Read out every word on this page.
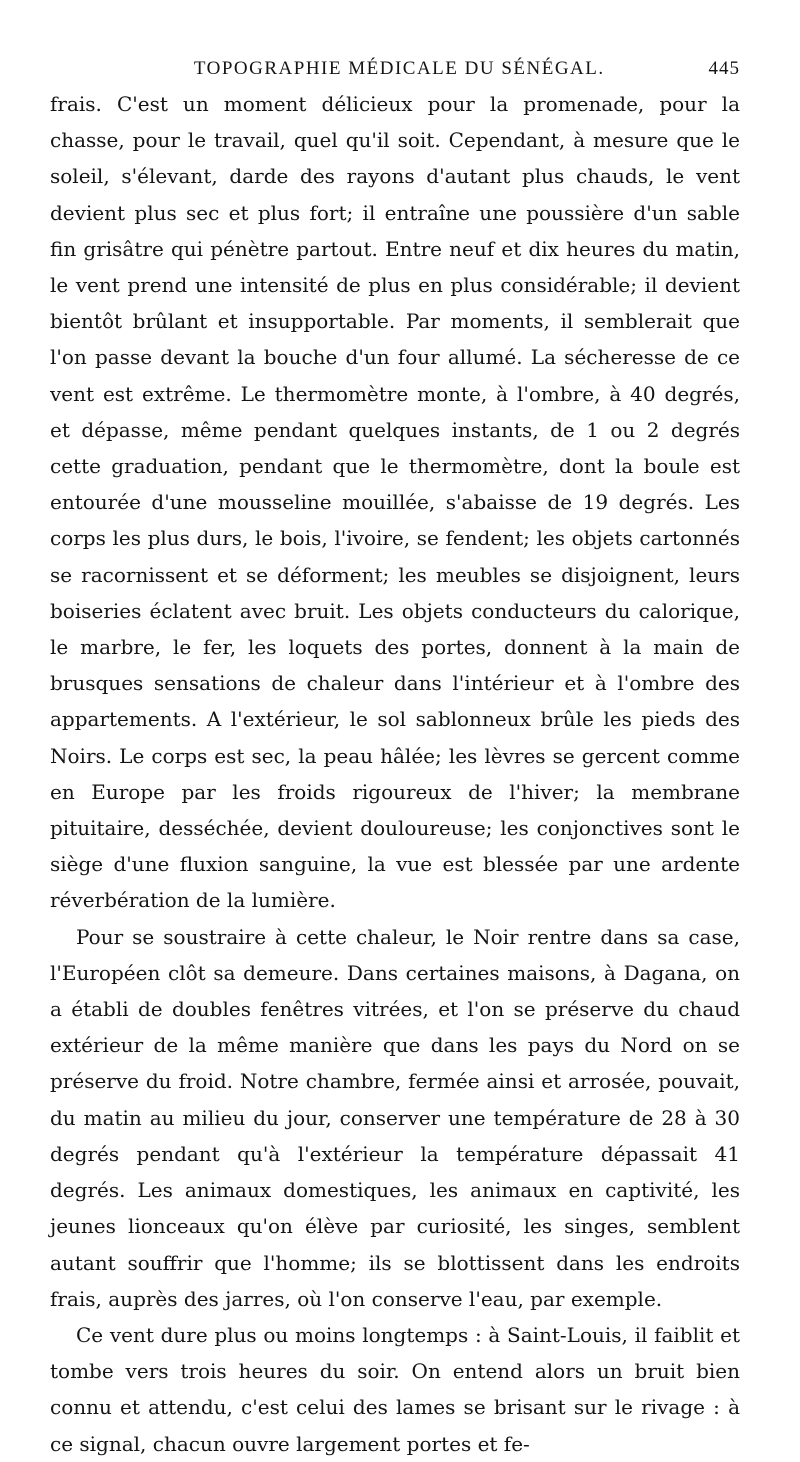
TOPOGRAPHIE MÉDICALE DU SÉNÉGAL.	445

frais. C'est un moment délicieux pour la promenade, pour la chasse, pour le travail, quel qu'il soit. Cependant, à mesure que le soleil, s'élevant, darde des rayons d'autant plus chauds, le vent devient plus sec et plus fort; il entraîne une poussière d'un sable fin grisâtre qui pénètre partout. Entre neuf et dix heures du matin, le vent prend une intensité de plus en plus considérable; il devient bientôt brûlant et insupportable. Par moments, il semblerait que l'on passe devant la bouche d'un four allumé. La sécheresse de ce vent est extrême. Le thermomètre monte, à l'ombre, à 40 degrés, et dépasse, même pendant quelques instants, de 1 ou 2 degrés cette graduation, pendant que le thermomètre, dont la boule est entourée d'une mousseline mouillée, s'abaisse de 19 degrés. Les corps les plus durs, le bois, l'ivoire, se fendent; les objets cartonnés se racornissent et se déforment; les meubles se disjoignent, leurs boiseries éclatent avec bruit. Les objets conducteurs du calorique, le marbre, le fer, les loquets des portes, donnent à la main de brusques sensations de chaleur dans l'intérieur et à l'ombre des appartements. A l'extérieur, le sol sablonneux brûle les pieds des Noirs. Le corps est sec, la peau hâlée; les lèvres se gercent comme en Europe par les froids rigoureux de l'hiver; la membrane pituitaire, desséchée, devient douloureuse; les conjonctives sont le siège d'une fluxion sanguine, la vue est blessée par une ardente réverbération de la lumière.

Pour se soustraire à cette chaleur, le Noir rentre dans sa case, l'Européen clôt sa demeure. Dans certaines maisons, à Dagana, on a établi de doubles fenêtres vitrées, et l'on se préserve du chaud extérieur de la même manière que dans les pays du Nord on se préserve du froid. Notre chambre, fermée ainsi et arrosée, pouvait, du matin au milieu du jour, conserver une température de 28 à 30 degrés pendant qu'à l'extérieur la température dépassait 41 degrés. Les animaux domestiques, les animaux en captivité, les jeunes lionceaux qu'on élève par curiosité, les singes, semblent autant souffrir que l'homme; ils se blottissent dans les endroits frais, auprès des jarres, où l'on conserve l'eau, par exemple.

Ce vent dure plus ou moins longtemps : à Saint-Louis, il faiblit et tombe vers trois heures du soir. On entend alors un bruit bien connu et attendu, c'est celui des lames se brisant sur le rivage : à ce signal, chacun ouvre largement portes et fe-
